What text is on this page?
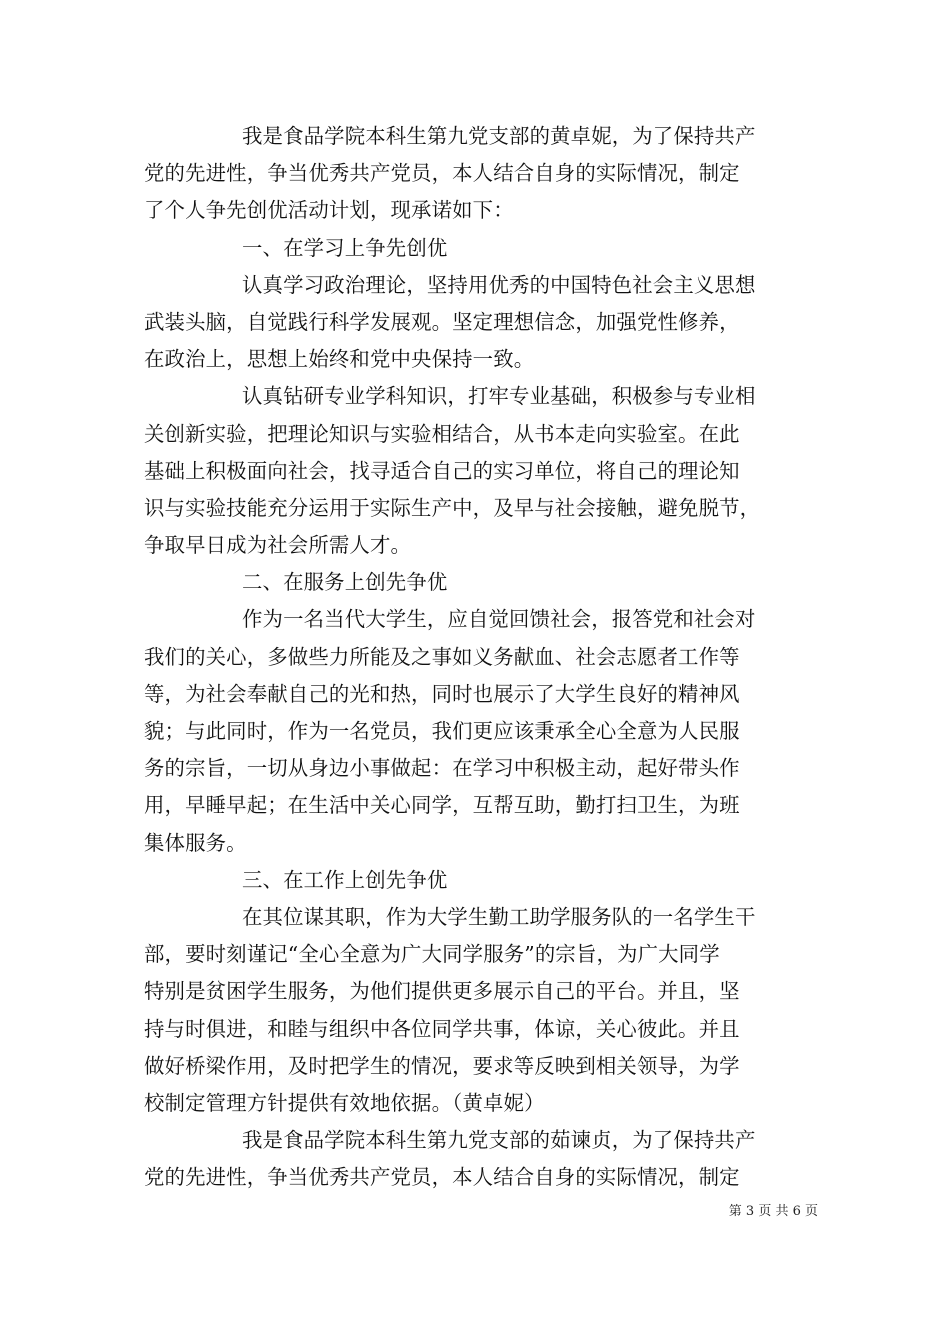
我是食品学院本科生第九党支部的黄卓妮，为了保持共产
党的先进性，争当优秀共产党员，本人结合自身的实际情况，制定
了个人争先创优活动计划，现承诺如下：
一、在学习上争先创优
认真学习政治理论，坚持用优秀的中国特色社会主义思想
武装头脑，自觉践行科学发展观。坚定理想信念，加强党性修养，
在政治上，思想上始终和党中央保持一致。
认真钻研专业学科知识，打牢专业基础，积极参与专业相
关创新实验，把理论知识与实验相结合，从书本走向实验室。在此
基础上积极面向社会，找寻适合自己的实习单位，将自己的理论知
识与实验技能充分运用于实际生产中，及早与社会接触，避免脱节，
争取早日成为社会所需人才。
二、在服务上创先争优
作为一名当代大学生，应自觉回馈社会，报答党和社会对
我们的关心，多做些力所能及之事如义务献血、社会志愿者工作等
等，为社会奉献自己的光和热，同时也展示了大学生良好的精神风
貌；与此同时，作为一名党员，我们更应该秉承全心全意为人民服
务的宗旨，一切从身边小事做起：在学习中积极主动，起好带头作
用，早睡早起；在生活中关心同学，互帮互助，勤打扫卫生，为班
集体服务。
三、在工作上创先争优
在其位谋其职，作为大学生勤工助学服务队的一名学生干
部，要时刻谨记“全心全意为广大同学服务”的宗旨，为广大同学
特别是贫困学生服务，为他们提供更多展示自己的平台。并且，坚
持与时俱进，和睦与组织中各位同学共事，体谅，关心彼此。并且
做好桥梁作用，及时把学生的情况，要求等反映到相关领导，为学
校制定管理方针提供有效地依据。（黄卓妮）
我是食品学院本科生第九党支部的茹谏贞，为了保持共产
党的先进性，争当优秀共产党员，本人结合自身的实际情况，制定
第 3 页 共 6 页
